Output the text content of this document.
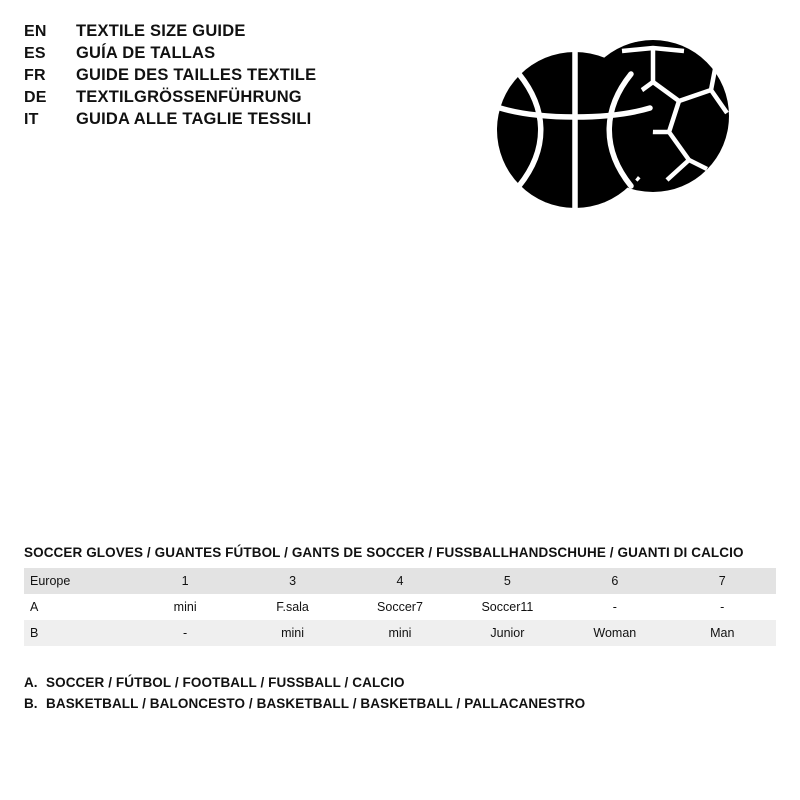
EN	TEXTILE SIZE GUIDE
ES	GUÍA DE TALLAS
FR	GUIDE DES TAILLES TEXTILE
DE	TEXTILGRÖSSENFÜHRUNG
IT	GUIDA ALLE TAGLIE TESSILI
SOCCER GLOVES / GUANTES FÚTBOL / GANTS DE SOCCER / FUSSBALLHANDSCHUHE / GUANTI DI CALCIO
Europe	1	3	4	5	6	7
A	mini	F.sala	Soccer7	Soccer11	-	-
B	-	mini	mini	Junior	Woman	Man
A. SOCCER / FÚTBOL / FOOTBALL / FUSSBALL / CALCIO
B. BASKETBALL / BALONCESTO / BASKETBALL / BASKETBALL / PALLACANESTRO
